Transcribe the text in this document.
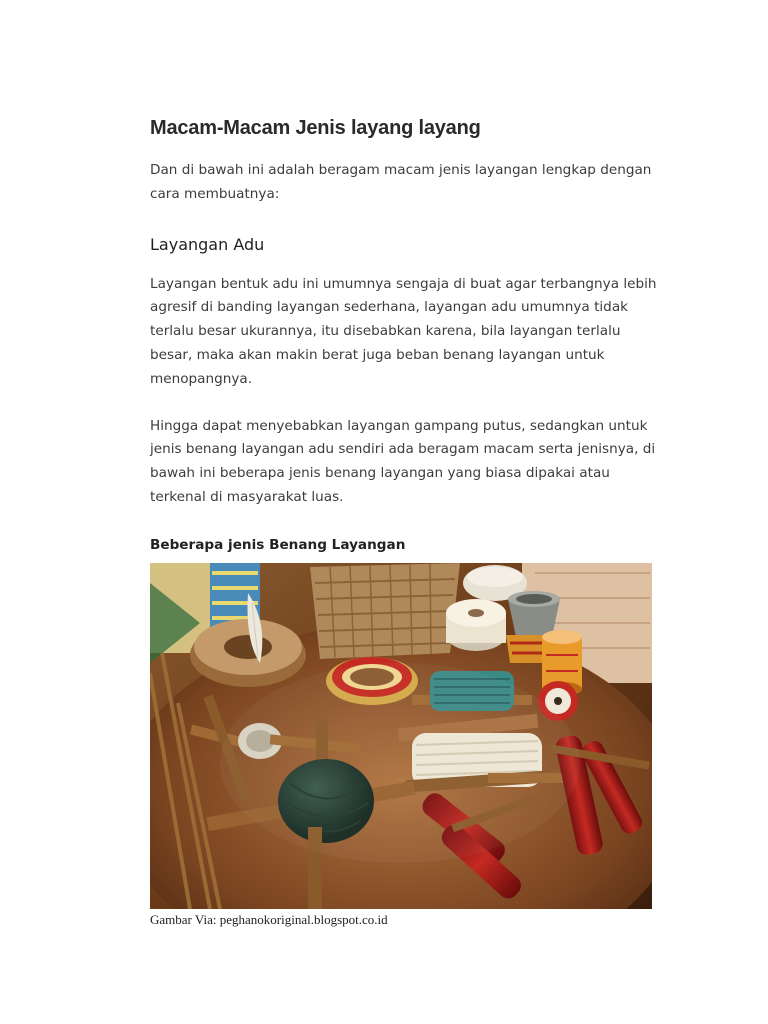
Macam-Macam Jenis layang layang

Dan di bawah ini adalah beragam macam jenis layangan lengkap dengan cara membuatnya:

Layangan Adu

Layangan bentuk adu ini umumnya sengaja di buat agar terbangnya lebih agresif di banding layangan sederhana, layangan adu umumnya tidak terlalu besar ukurannya, itu disebabkan karena, bila layangan terlalu besar, maka akan makin berat juga beban benang layangan untuk menopangnya.

Hingga dapat menyebabkan layangan gampang putus, sedangkan untuk jenis benang layangan adu sendiri ada beragam macam serta jenisnya, di bawah ini beberapa jenis benang layangan yang biasa dipakai atau terkenal di masyarakat luas.

Beberapa jenis Benang Layangan

Gambar Via: peghanokoriginal.blogspot.co.id
